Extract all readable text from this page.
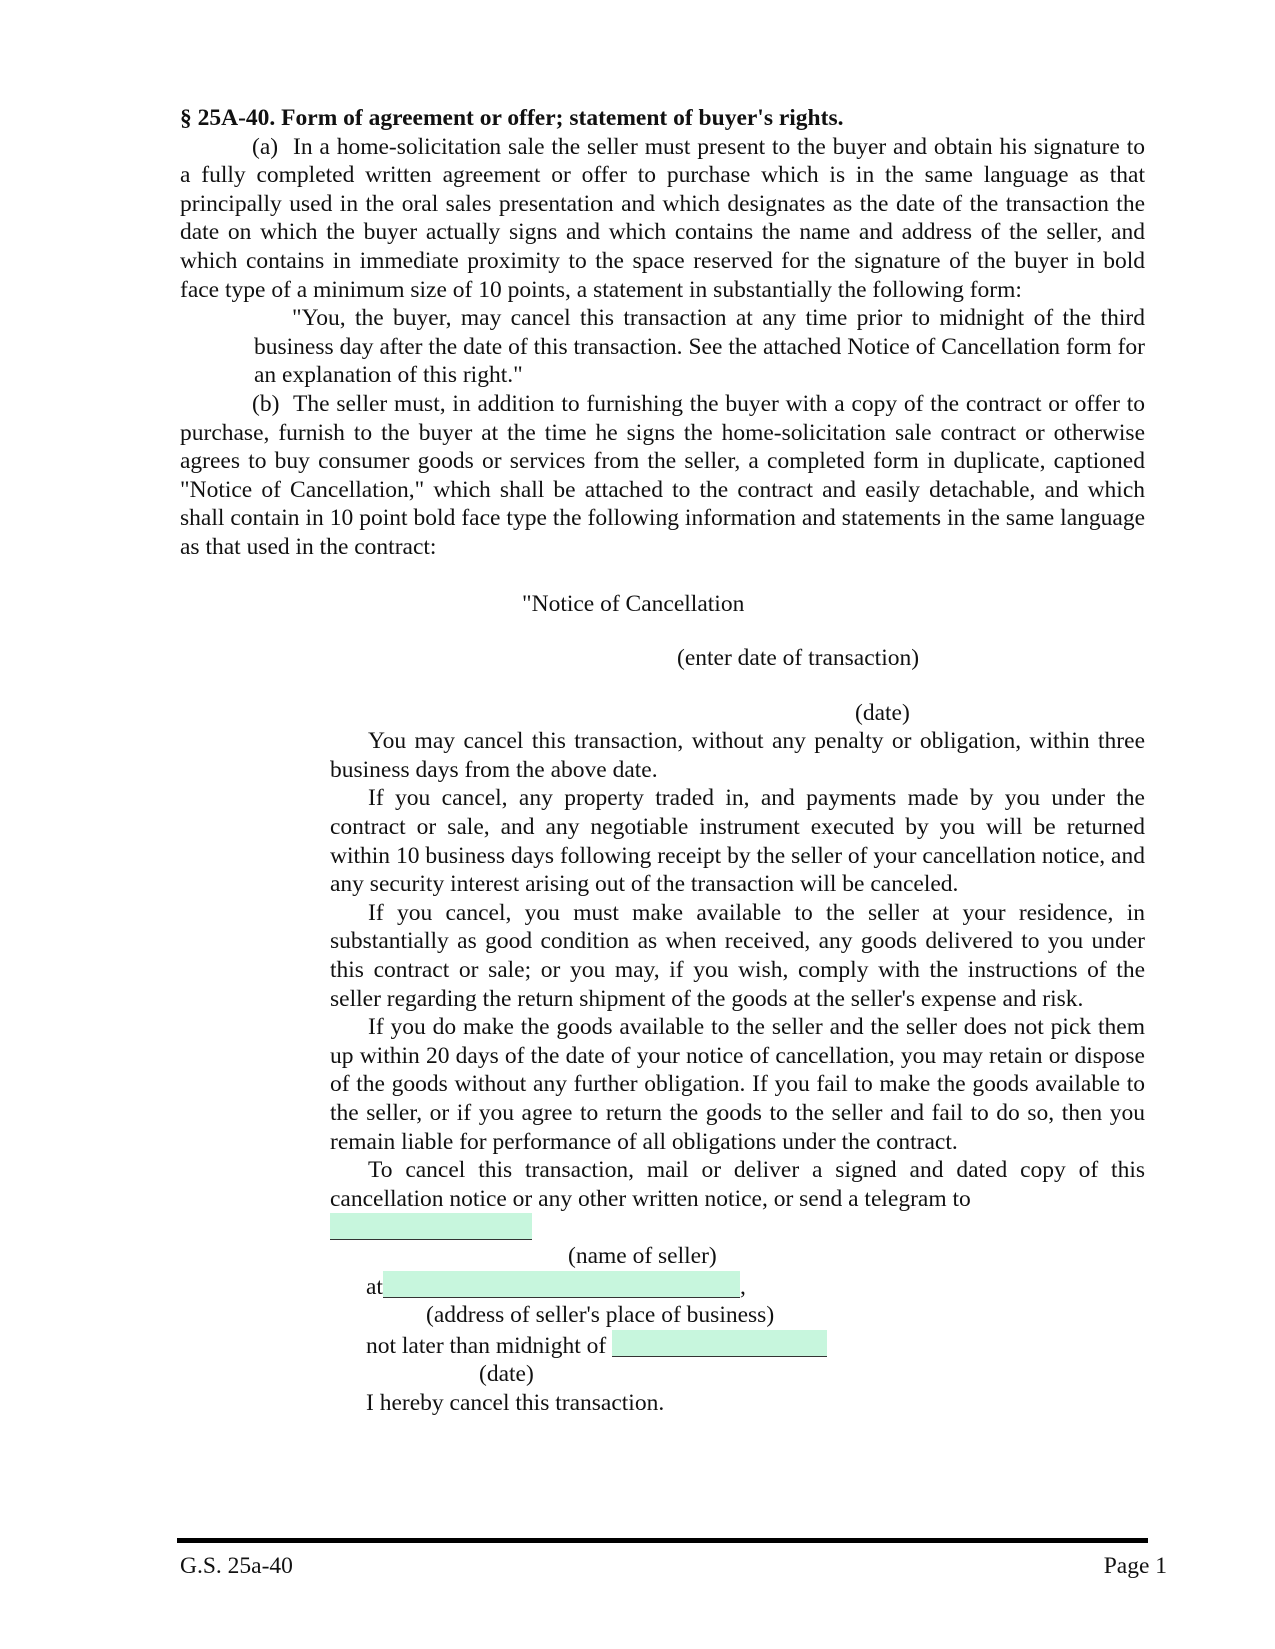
§ 25A-40. Form of agreement or offer; statement of buyer's rights.

(a) In a home-solicitation sale the seller must present to the buyer and obtain his signature to a fully completed written agreement or offer to purchase which is in the same language as that principally used in the oral sales presentation and which designates as the date of the transaction the date on which the buyer actually signs and which contains the name and address of the seller, and which contains in immediate proximity to the space reserved for the signature of the buyer in bold face type of a minimum size of 10 points, a statement in substantially the following form:

"You, the buyer, may cancel this transaction at any time prior to midnight of the third business day after the date of this transaction. See the attached Notice of Cancellation form for an explanation of this right."

(b) The seller must, in addition to furnishing the buyer with a copy of the contract or offer to purchase, furnish to the buyer at the time he signs the home-solicitation sale contract or otherwise agrees to buy consumer goods or services from the seller, a completed form in duplicate, captioned "Notice of Cancellation," which shall be attached to the contract and easily detachable, and which shall contain in 10 point bold face type the following information and statements in the same language as that used in the contract:

"Notice of Cancellation

(enter date of transaction)

(date)

You may cancel this transaction, without any penalty or obligation, within three business days from the above date.

If you cancel, any property traded in, and payments made by you under the contract or sale, and any negotiable instrument executed by you will be returned within 10 business days following receipt by the seller of your cancellation notice, and any security interest arising out of the transaction will be canceled.

If you cancel, you must make available to the seller at your residence, in substantially as good condition as when received, any goods delivered to you under this contract or sale; or you may, if you wish, comply with the instructions of the seller regarding the return shipment of the goods at the seller's expense and risk.

If you do make the goods available to the seller and the seller does not pick them up within 20 days of the date of your notice of cancellation, you may retain or dispose of the goods without any further obligation. If you fail to make the goods available to the seller, or if you agree to return the goods to the seller and fail to do so, then you remain liable for performance of all obligations under the contract.

To cancel this transaction, mail or deliver a signed and dated copy of this cancellation notice or any other written notice, or send a telegram to

(name of seller)

at	,

(address of seller's place of business)

not later than midnight of

(date)

I hereby cancel this transaction.

G.S. 25a-40	Page 1
